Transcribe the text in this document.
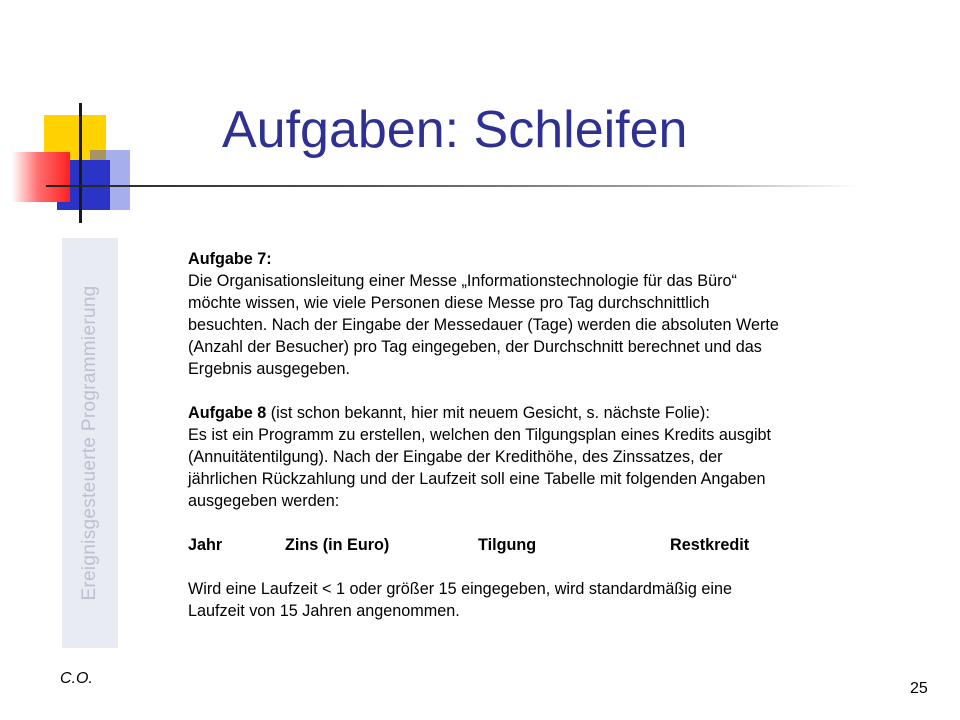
Aufgaben: Schleifen
Ereignisgesteuerte Programmierung

Aufgabe 7:

Die Organisationsleitung einer Messe „Informationstechnologie für das Büro“

möchte wissen, wie viele Personen diese Messe pro Tag durchschnittlich

besuchten. Nach der Eingabe der Messedauer (Tage) werden die absoluten Werte

(Anzahl der Besucher) pro Tag eingegeben, der Durchschnitt berechnet und das

Ergebnis ausgegeben.

Aufgabe 8 (ist schon bekannt, hier mit neuem Gesicht, s. nächste Folie):

Es ist ein Programm zu erstellen, welchen den Tilgungsplan eines Kredits ausgibt

(Annuitätentilgung). Nach der Eingabe der Kredithöhe, des Zinssatzes, der

jährlichen Rückzahlung und der Laufzeit soll eine Tabelle mit folgenden Angaben

ausgegeben werden:

Jahr	Zins (in Euro)	Tilgung	Restkredit

Wird eine Laufzeit < 1 oder größer 15 eingegeben, wird standardmäßig eine

Laufzeit von 15 Jahren angenommen.

C.O.
25
